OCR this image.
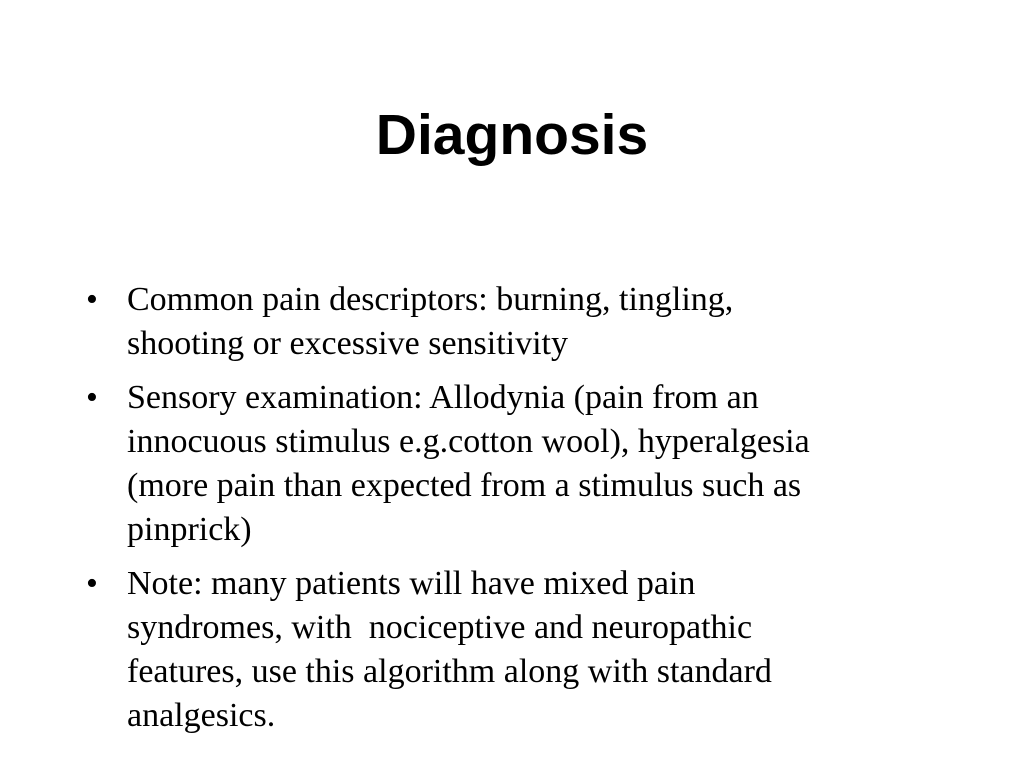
Diagnosis
• Common pain descriptors: burning, tingling,
shooting or excessive sensitivity
• Sensory examination: Allodynia (pain from an
innocuous stimulus e.g.cotton wool), hyperalgesia
(more pain than expected from a stimulus such as
pinprick)
• Note: many patients will have mixed pain
syndromes, with  nociceptive and neuropathic
features, use this algorithm along with standard
analgesics.
